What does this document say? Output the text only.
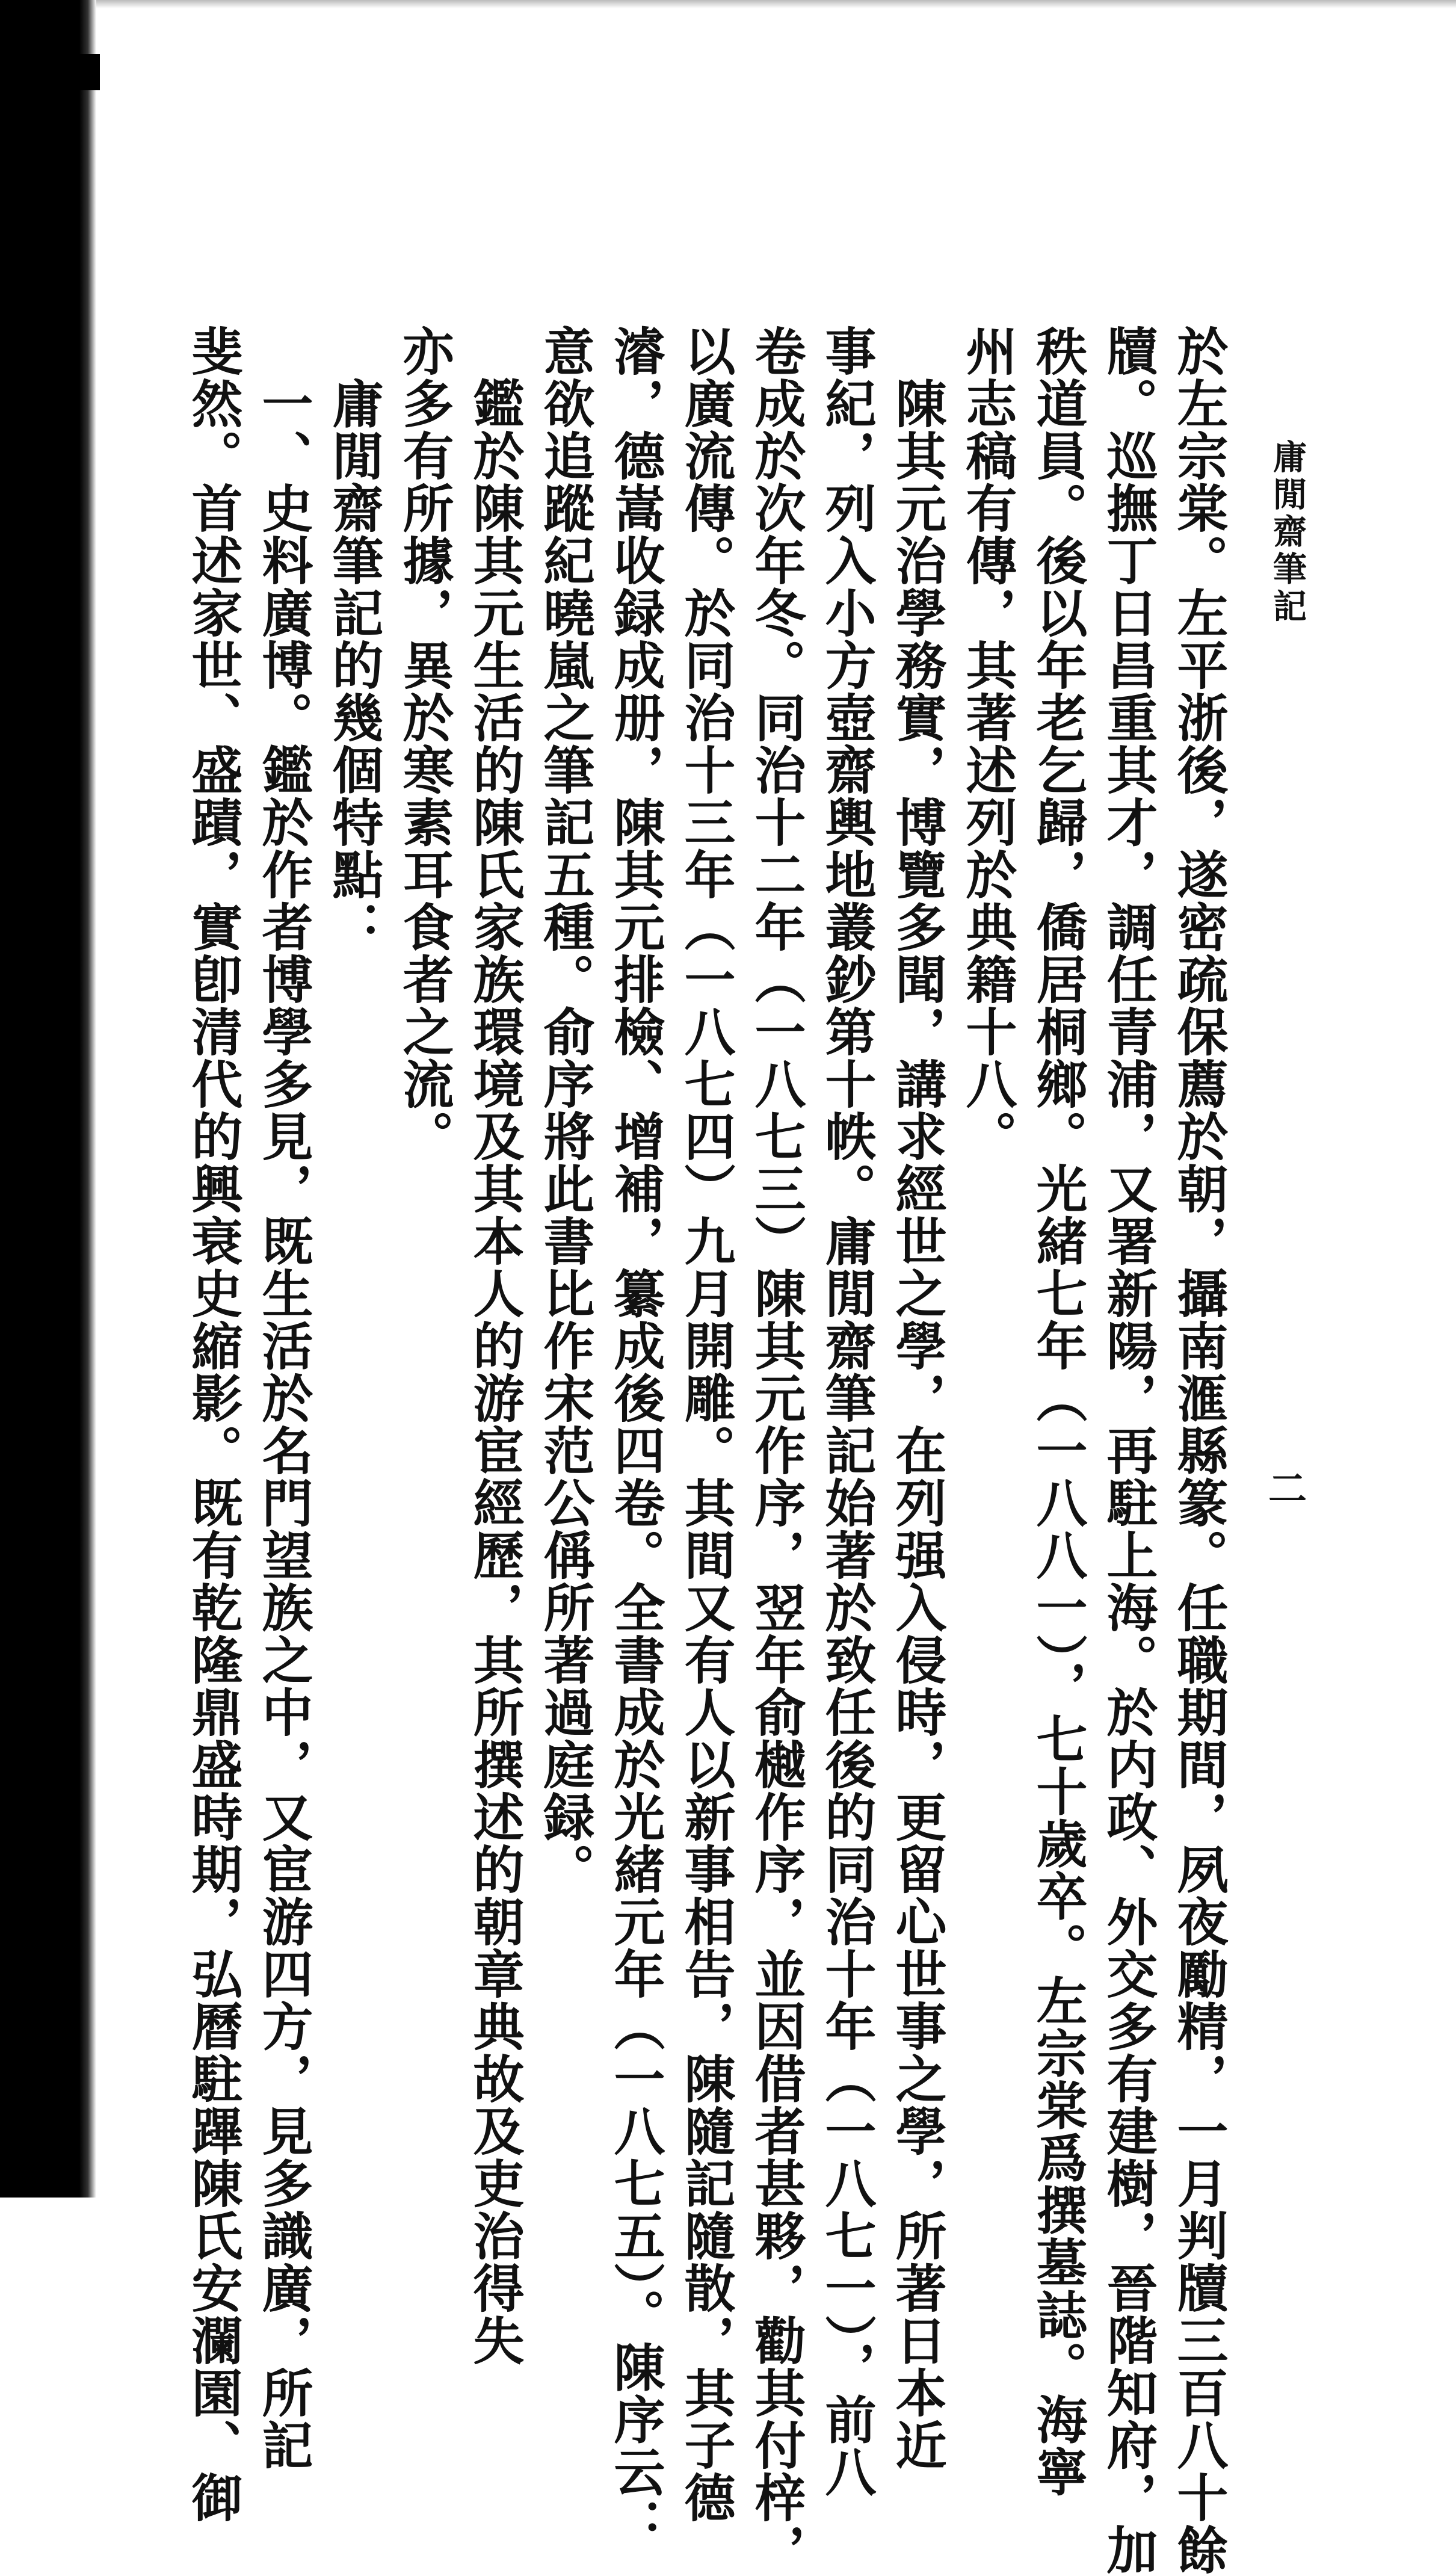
庸閒齋筆記
二
於左宗棠。左平浙後，遂密疏保薦於朝，攝南滙縣篆。任職期間，夙夜勵精，一月判牘三百八十餘
牘。巡撫丁日昌重其才，調任青浦，又署新陽，再駐上海。於内政、外交多有建樹，晉階知府，加
秩道員。後以年老乞歸，僑居桐鄉。光緒七年（一八八一），七十歲卒。左宗棠爲撰墓誌。海寧
州志稿有傳，其著述列於典籍十八。
　陳其元治學務實，博覽多聞，講求經世之學，在列强入侵時，更留心世事之學，所著日本近
事紀，列入小方壺齋輿地叢鈔第十帙。庸閒齋筆記始著於致任後的同治十年（一八七一），前八
卷成於次年冬。同治十二年（一八七三）陳其元作序，翌年俞樾作序，並因借者甚夥，勸其付梓，
以廣流傳。於同治十三年（一八七四）九月開雕。其間又有人以新事相告，陳隨記隨散，其子德
濬，德嵩收録成册，陳其元排檢、增補，纂成後四卷。全書成於光緒元年（一八七五）。陳序云：
意欲追蹤紀曉嵐之筆記五種。俞序將此書比作宋范公偁所著過庭録。
　鑑於陳其元生活的陳氏家族環境及其本人的游宦經歷，其所撰述的朝章典故及吏治得失
亦多有所據，異於寒素耳食者之流。
　庸閒齋筆記的幾個特點：
　一、史料廣博。鑑於作者博學多見，既生活於名門望族之中，又宦游四方，見多識廣，所記
斐然。首述家世、盛蹟，實卽清代的興衰史縮影。既有乾隆鼎盛時期，弘曆駐蹕陳氏安瀾園、御
